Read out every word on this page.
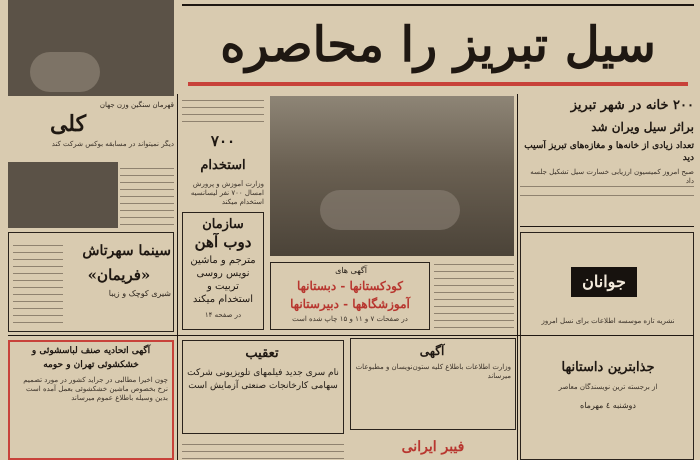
قهرمان سنگین وزن جهان
کلی
دیگر نمیتواند در مسابقه بوکس شرکت کند
سینما سهرتاش
«فریمان»
شیری کوچک و زیبا
سیل تبریز را محاصره
۷۰۰
استخدام
وزارت آموزش و پرورش امسال ۷۰۰ نفر لیسانسیه استخدام میکند
سازمان
دوب آهن
مترجم و ماشین
نویس روسی
تربیت و
استخدام میکند
در صفحه ۱۴
۲۰۰ خانه در شهر تبریز
براثر سیل ویران شد
تعداد زیادی از خانه‌ها و مغازه‌های تبریز آسیب دید
صبح امروز کمیسیون ارزیابی خسارت سیل تشکیل جلسه داد
آگهی های
کودکستانها - دبستانها
آموزشگاهها - دبیرستانها
در صفحات ۷ و ۱۱ و ۱۵ چاپ شده است
جوانان
نشریه تازه موسسه اطلاعات برای نسل امروز
جذابترین داستانها
از برجسته ترین نویسندگان معاصر
دوشنبه ٤ مهرماه
آگهی اتحادیه صنف لباسشوئی و
خشکشوئی تهران و حومه
چون اخیرا مطالبی در جراید کشور در مورد تصمیم نرخ بخصوص ماشین خشکشوئی بعمل آمده است بدین وسیله باطلاع عموم میرساند
تعقیب
نام سری جدید فیلمهای تلویزیونی شرکت سهامی کارخانجات صنعتی آزمایش است
آگهی
وزارت اطلاعات باطلاع کلیه ستون‌نویسان و مطبوعات میرساند
فیبر ایرانی
